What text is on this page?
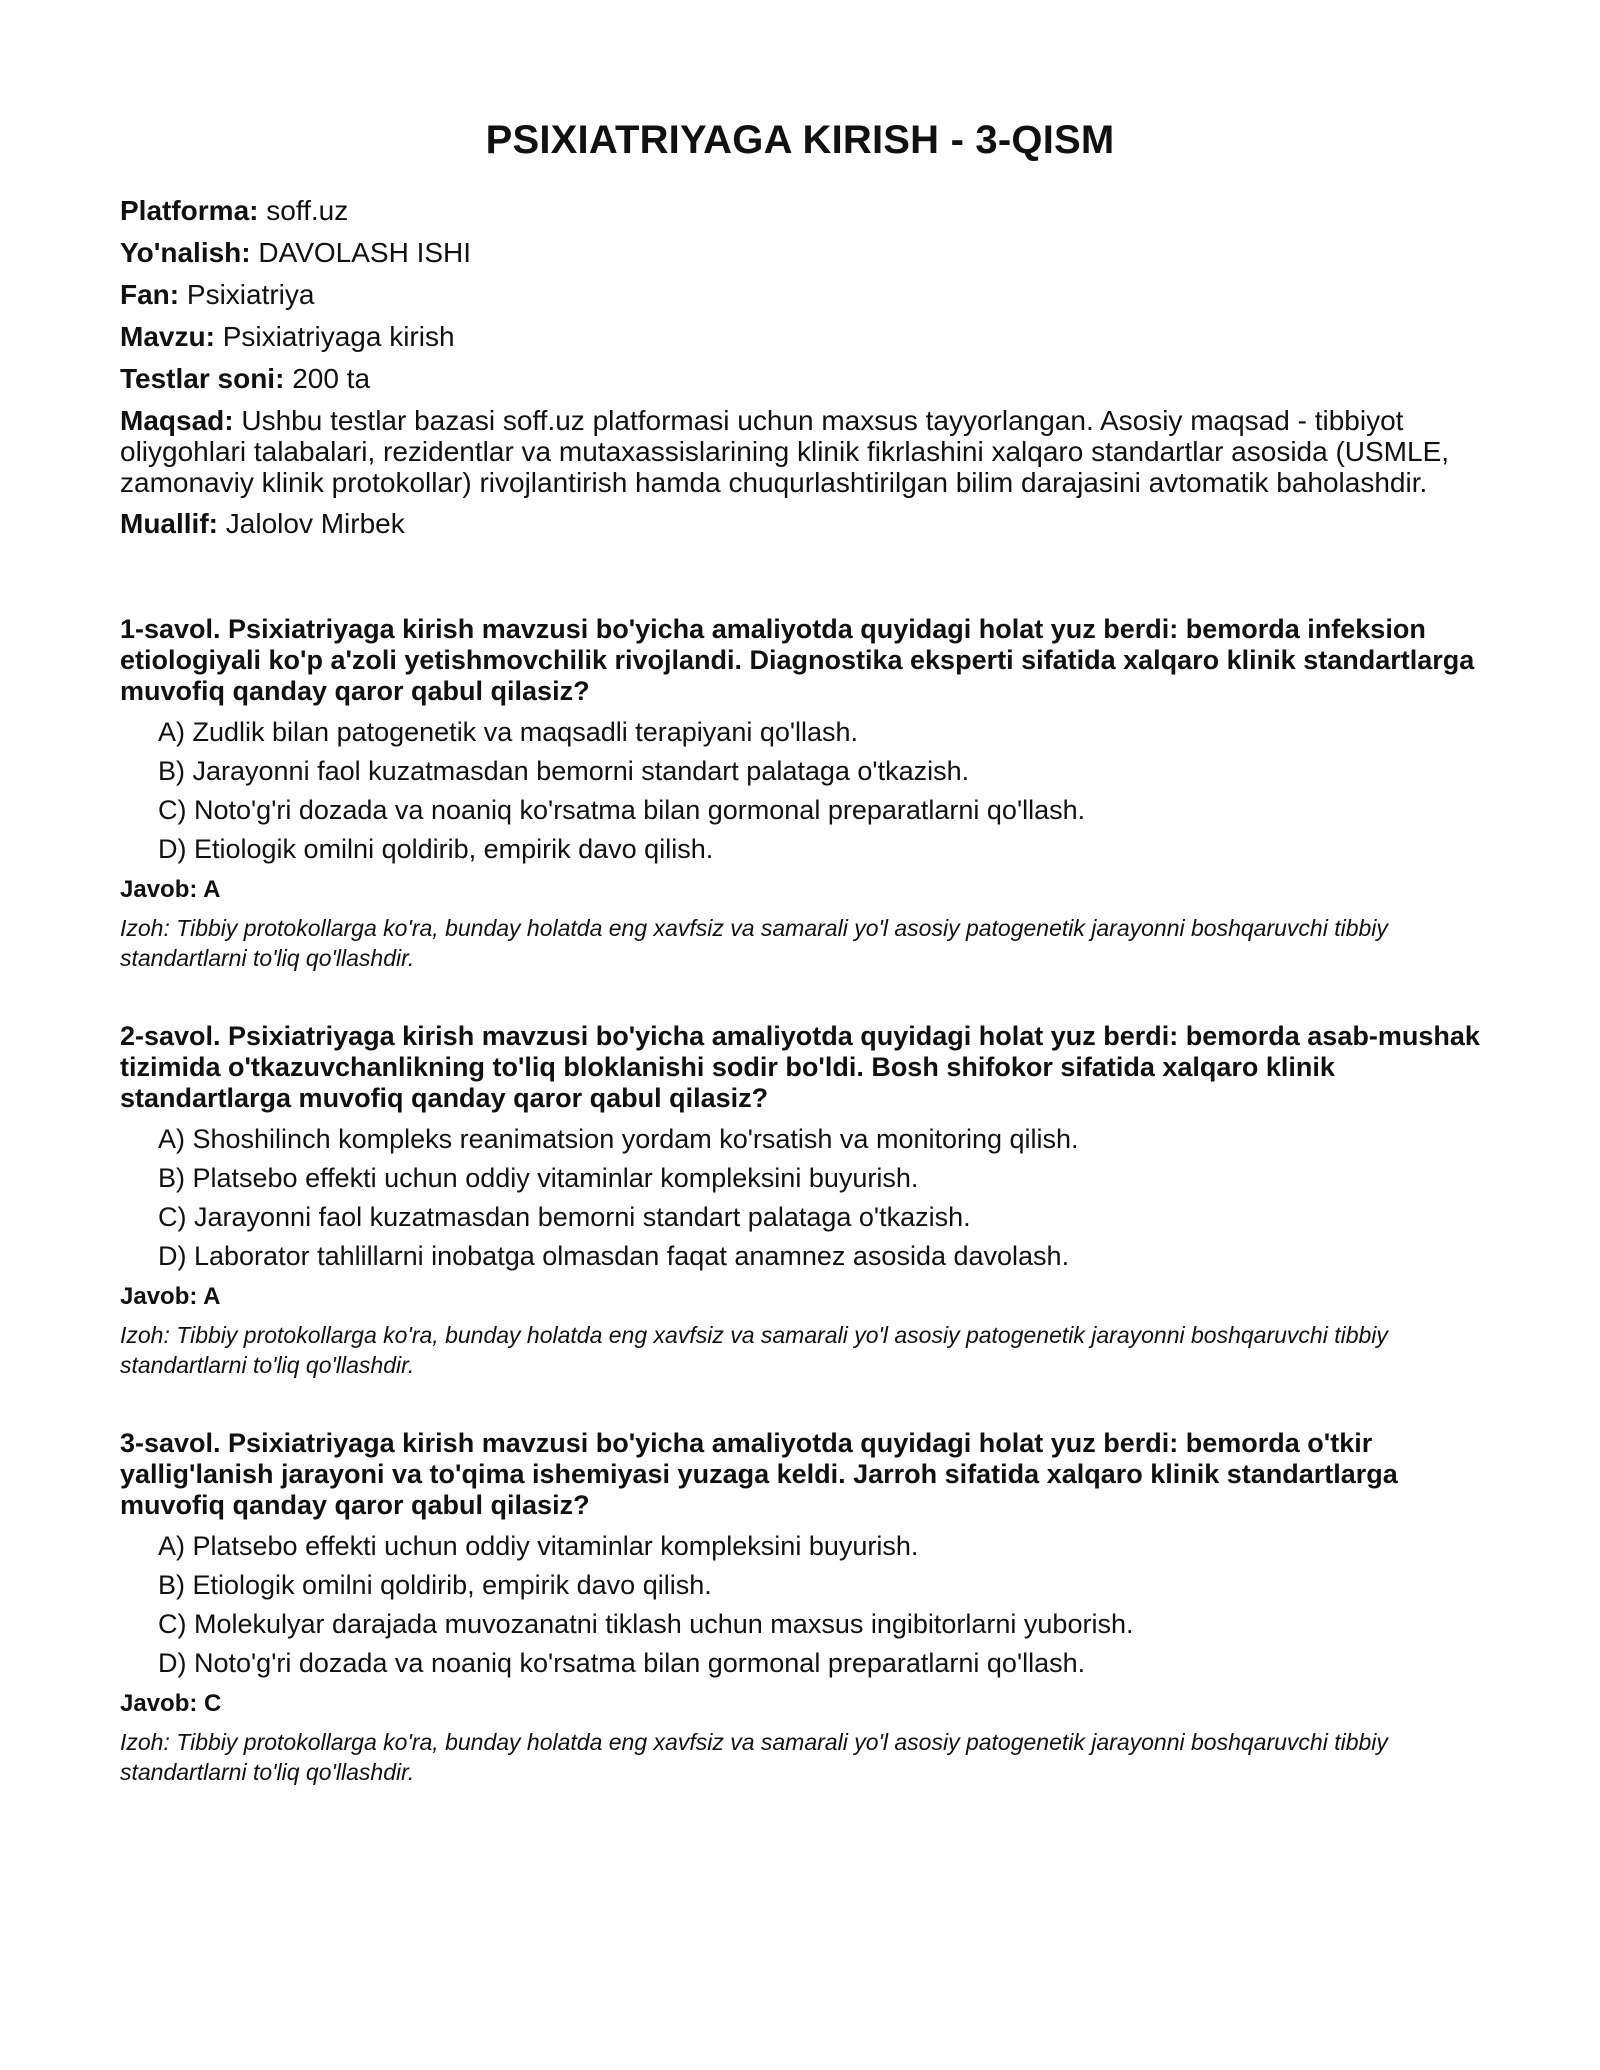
PSIXIATRIYAGA KIRISH - 3-QISM

Platforma: soff.uz

Yo'nalish: DAVOLASH ISHI

Fan: Psixiatriya

Mavzu: Psixiatriyaga kirish

Testlar soni: 200 ta

Maqsad: Ushbu testlar bazasi soff.uz platformasi uchun maxsus tayyorlangan. Asosiy maqsad - tibbiyot oliygohlari talabalari, rezidentlar va mutaxassislarining klinik fikrlashini xalqaro standartlar asosida (USMLE, zamonaviy klinik protokollar) rivojlantirish hamda chuqurlashtirilgan bilim darajasini avtomatik baholashdir.

Muallif: Jalolov Mirbek

1-savol. Psixiatriyaga kirish mavzusi bo'yicha amaliyotda quyidagi holat yuz berdi: bemorda infeksion etiologiyali ko'p a'zoli yetishmovchilik rivojlandi. Diagnostika eksperti sifatida xalqaro klinik standartlarga muvofiq qanday qaror qabul qilasiz?

A) Zudlik bilan patogenetik va maqsadli terapiyani qo'llash.
B) Jarayonni faol kuzatmasdan bemorni standart palataga o'tkazish.
C) Noto'g'ri dozada va noaniq ko'rsatma bilan gormonal preparatlarni qo'llash.
D) Etiologik omilni qoldirib, empirik davo qilish.

Javob: A

Izoh: Tibbiy protokollarga ko'ra, bunday holatda eng xavfsiz va samarali yo'l asosiy patogenetik jarayonni boshqaruvchi tibbiy standartlarni to'liq qo'llashdir.

2-savol. Psixiatriyaga kirish mavzusi bo'yicha amaliyotda quyidagi holat yuz berdi: bemorda asab-mushak tizimida o'tkazuvchanlikning to'liq bloklanishi sodir bo'ldi. Bosh shifokor sifatida xalqaro klinik standartlarga muvofiq qanday qaror qabul qilasiz?

A) Shoshilinch kompleks reanimatsion yordam ko'rsatish va monitoring qilish.
B) Platsebo effekti uchun oddiy vitaminlar kompleksini buyurish.
C) Jarayonni faol kuzatmasdan bemorni standart palataga o'tkazish.
D) Laborator tahlillarni inobatga olmasdan faqat anamnez asosida davolash.

Javob: A

Izoh: Tibbiy protokollarga ko'ra, bunday holatda eng xavfsiz va samarali yo'l asosiy patogenetik jarayonni boshqaruvchi tibbiy standartlarni to'liq qo'llashdir.

3-savol. Psixiatriyaga kirish mavzusi bo'yicha amaliyotda quyidagi holat yuz berdi: bemorda o'tkir yallig'lanish jarayoni va to'qima ishemiyasi yuzaga keldi. Jarroh sifatida xalqaro klinik standartlarga muvofiq qanday qaror qabul qilasiz?

A) Platsebo effekti uchun oddiy vitaminlar kompleksini buyurish.
B) Etiologik omilni qoldirib, empirik davo qilish.
C) Molekulyar darajada muvozanatni tiklash uchun maxsus ingibitorlarni yuborish.
D) Noto'g'ri dozada va noaniq ko'rsatma bilan gormonal preparatlarni qo'llash.

Javob: C

Izoh: Tibbiy protokollarga ko'ra, bunday holatda eng xavfsiz va samarali yo'l asosiy patogenetik jarayonni boshqaruvchi tibbiy standartlarni to'liq qo'llashdir.
